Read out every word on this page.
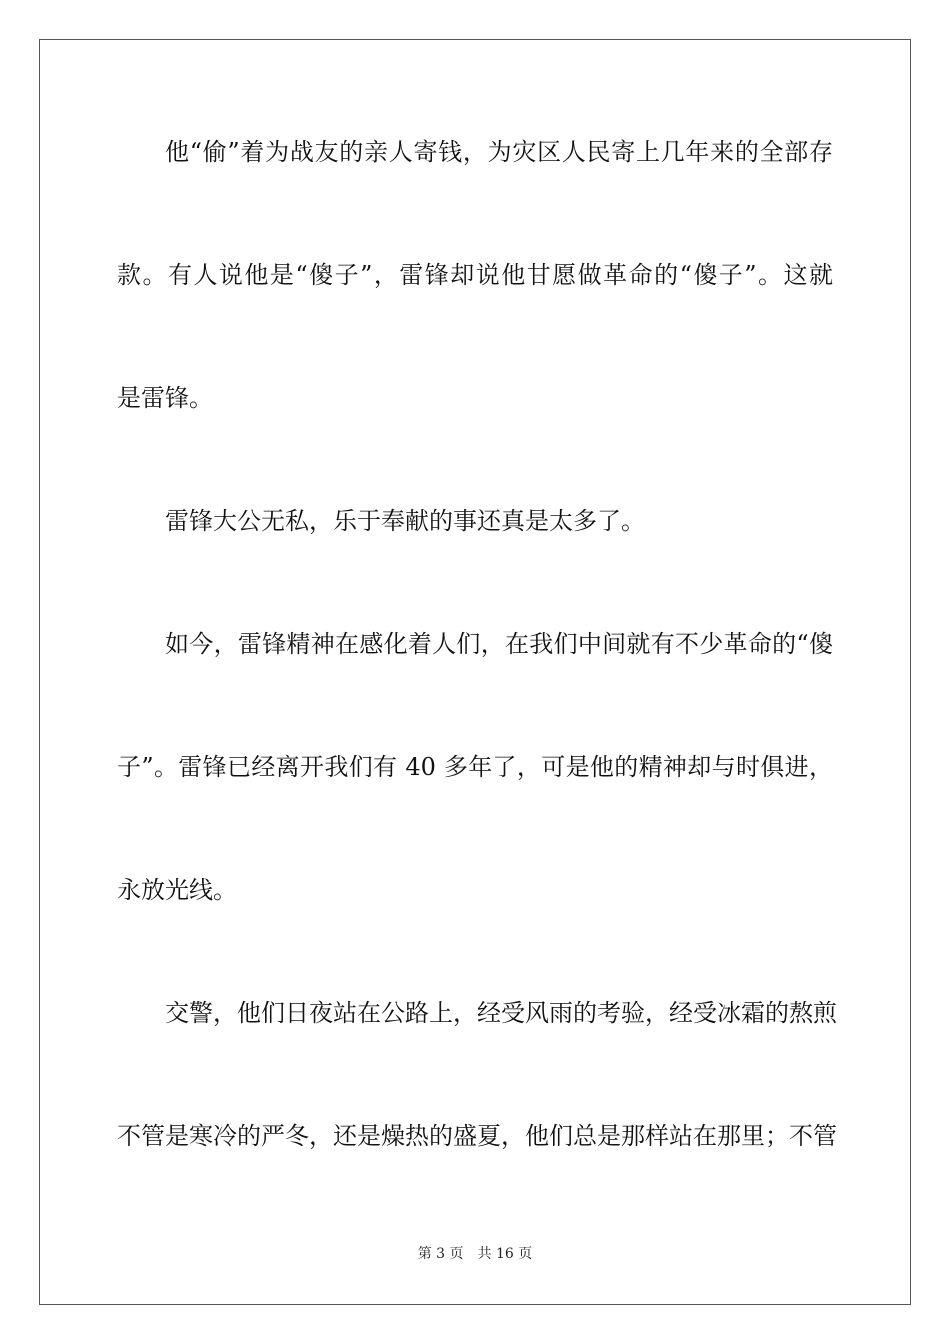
他“偷”着为战友的亲人寄钱，为灾区人民寄上几年来的全部存
款。有人说他是“傻子”，雷锋却说他甘愿做革命的“傻子”。这就
是雷锋。
雷锋大公无私，乐于奉献的事还真是太多了。
如今，雷锋精神在感化着人们，在我们中间就有不少革命的“傻
子”。雷锋已经离开我们有 40 多年了，可是他的精神却与时俱进，
永放光线。
交警，他们日夜站在公路上，经受风雨的考验，经受冰霜的熬煎
不管是寒冷的严冬，还是燥热的盛夏，他们总是那样站在那里；不管
第 3 页 共 16 页
